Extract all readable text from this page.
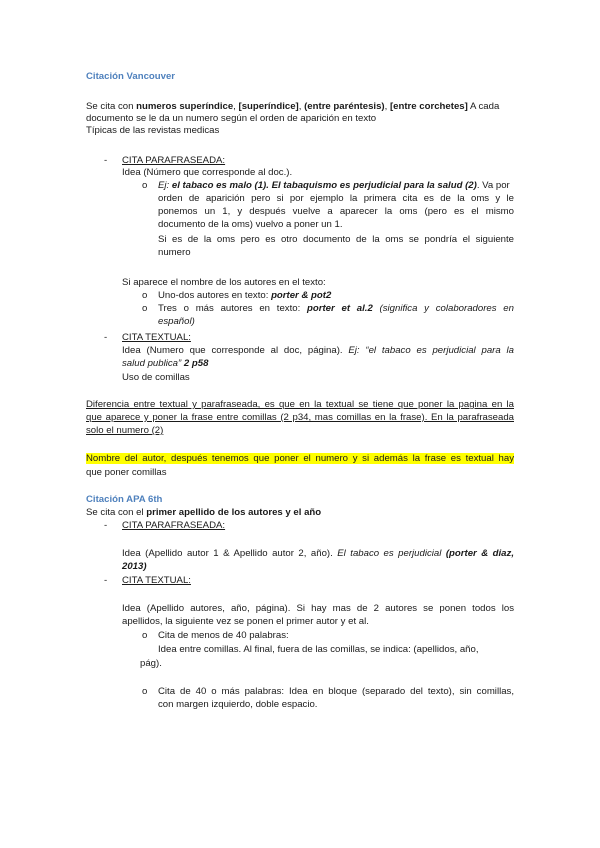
Citación Vancouver
Se cita con numeros superíndice, [superíndice], (entre paréntesis), [entre corchetes] A cada
documento se le da un numero según el orden de aparición en texto
Típicas de las revistas medicas
- CITA PARAFRASEADA:
Idea (Número que corresponde al doc.).
o Ej: el tabaco es malo (1). El tabaquismo es perjudicial para la salud (2). Va por
orden de aparición pero si por ejemplo la primera cita es de la oms y le
ponemos un 1, y después vuelve a aparecer la oms (pero es el mismo
documento de la oms) vuelvo a poner un 1.
Si es de la oms pero es otro documento de la oms se pondría el siguiente
numero
Si aparece el nombre de los autores en el texto:
o Uno-dos autores en texto: porter & pot2
o Tres o más autores en texto: porter et al.2 (significa y colaboradores en
español)
- CITA TEXTUAL:
Idea (Numero que corresponde al doc, página). Ej: “el tabaco es perjudicial para la
salud publica” 2 p58
Uso de comillas
Diferencia entre textual y parafraseada, es que en la textual se tiene que poner la pagina en la
que aparece y poner la frase entre comillas (2 p34, mas comillas en la frase). En la parafraseada
solo el numero (2)
Nombre del autor, después tenemos que poner el numero y si además la frase es textual hay
que poner comillas
Citación APA 6th
Se cita con el primer apellido de los autores y el año
- CITA PARAFRASEADA:
Idea (Apellido autor 1 & Apellido autor 2, año). El tabaco es perjudicial (porter & diaz,
2013)
- CITA TEXTUAL:
Idea (Apellido autores, año, página). Si hay mas de 2 autores se ponen todos los
apellidos, la siguiente vez se ponen el primer autor y et al.
o Cita de menos de 40 palabras:
Idea entre comillas. Al final, fuera de las comillas, se indica: (apellidos, año,
pág).
o Cita de 40 o más palabras: Idea en bloque (separado del texto), sin comillas,
con margen izquierdo, doble espacio.
